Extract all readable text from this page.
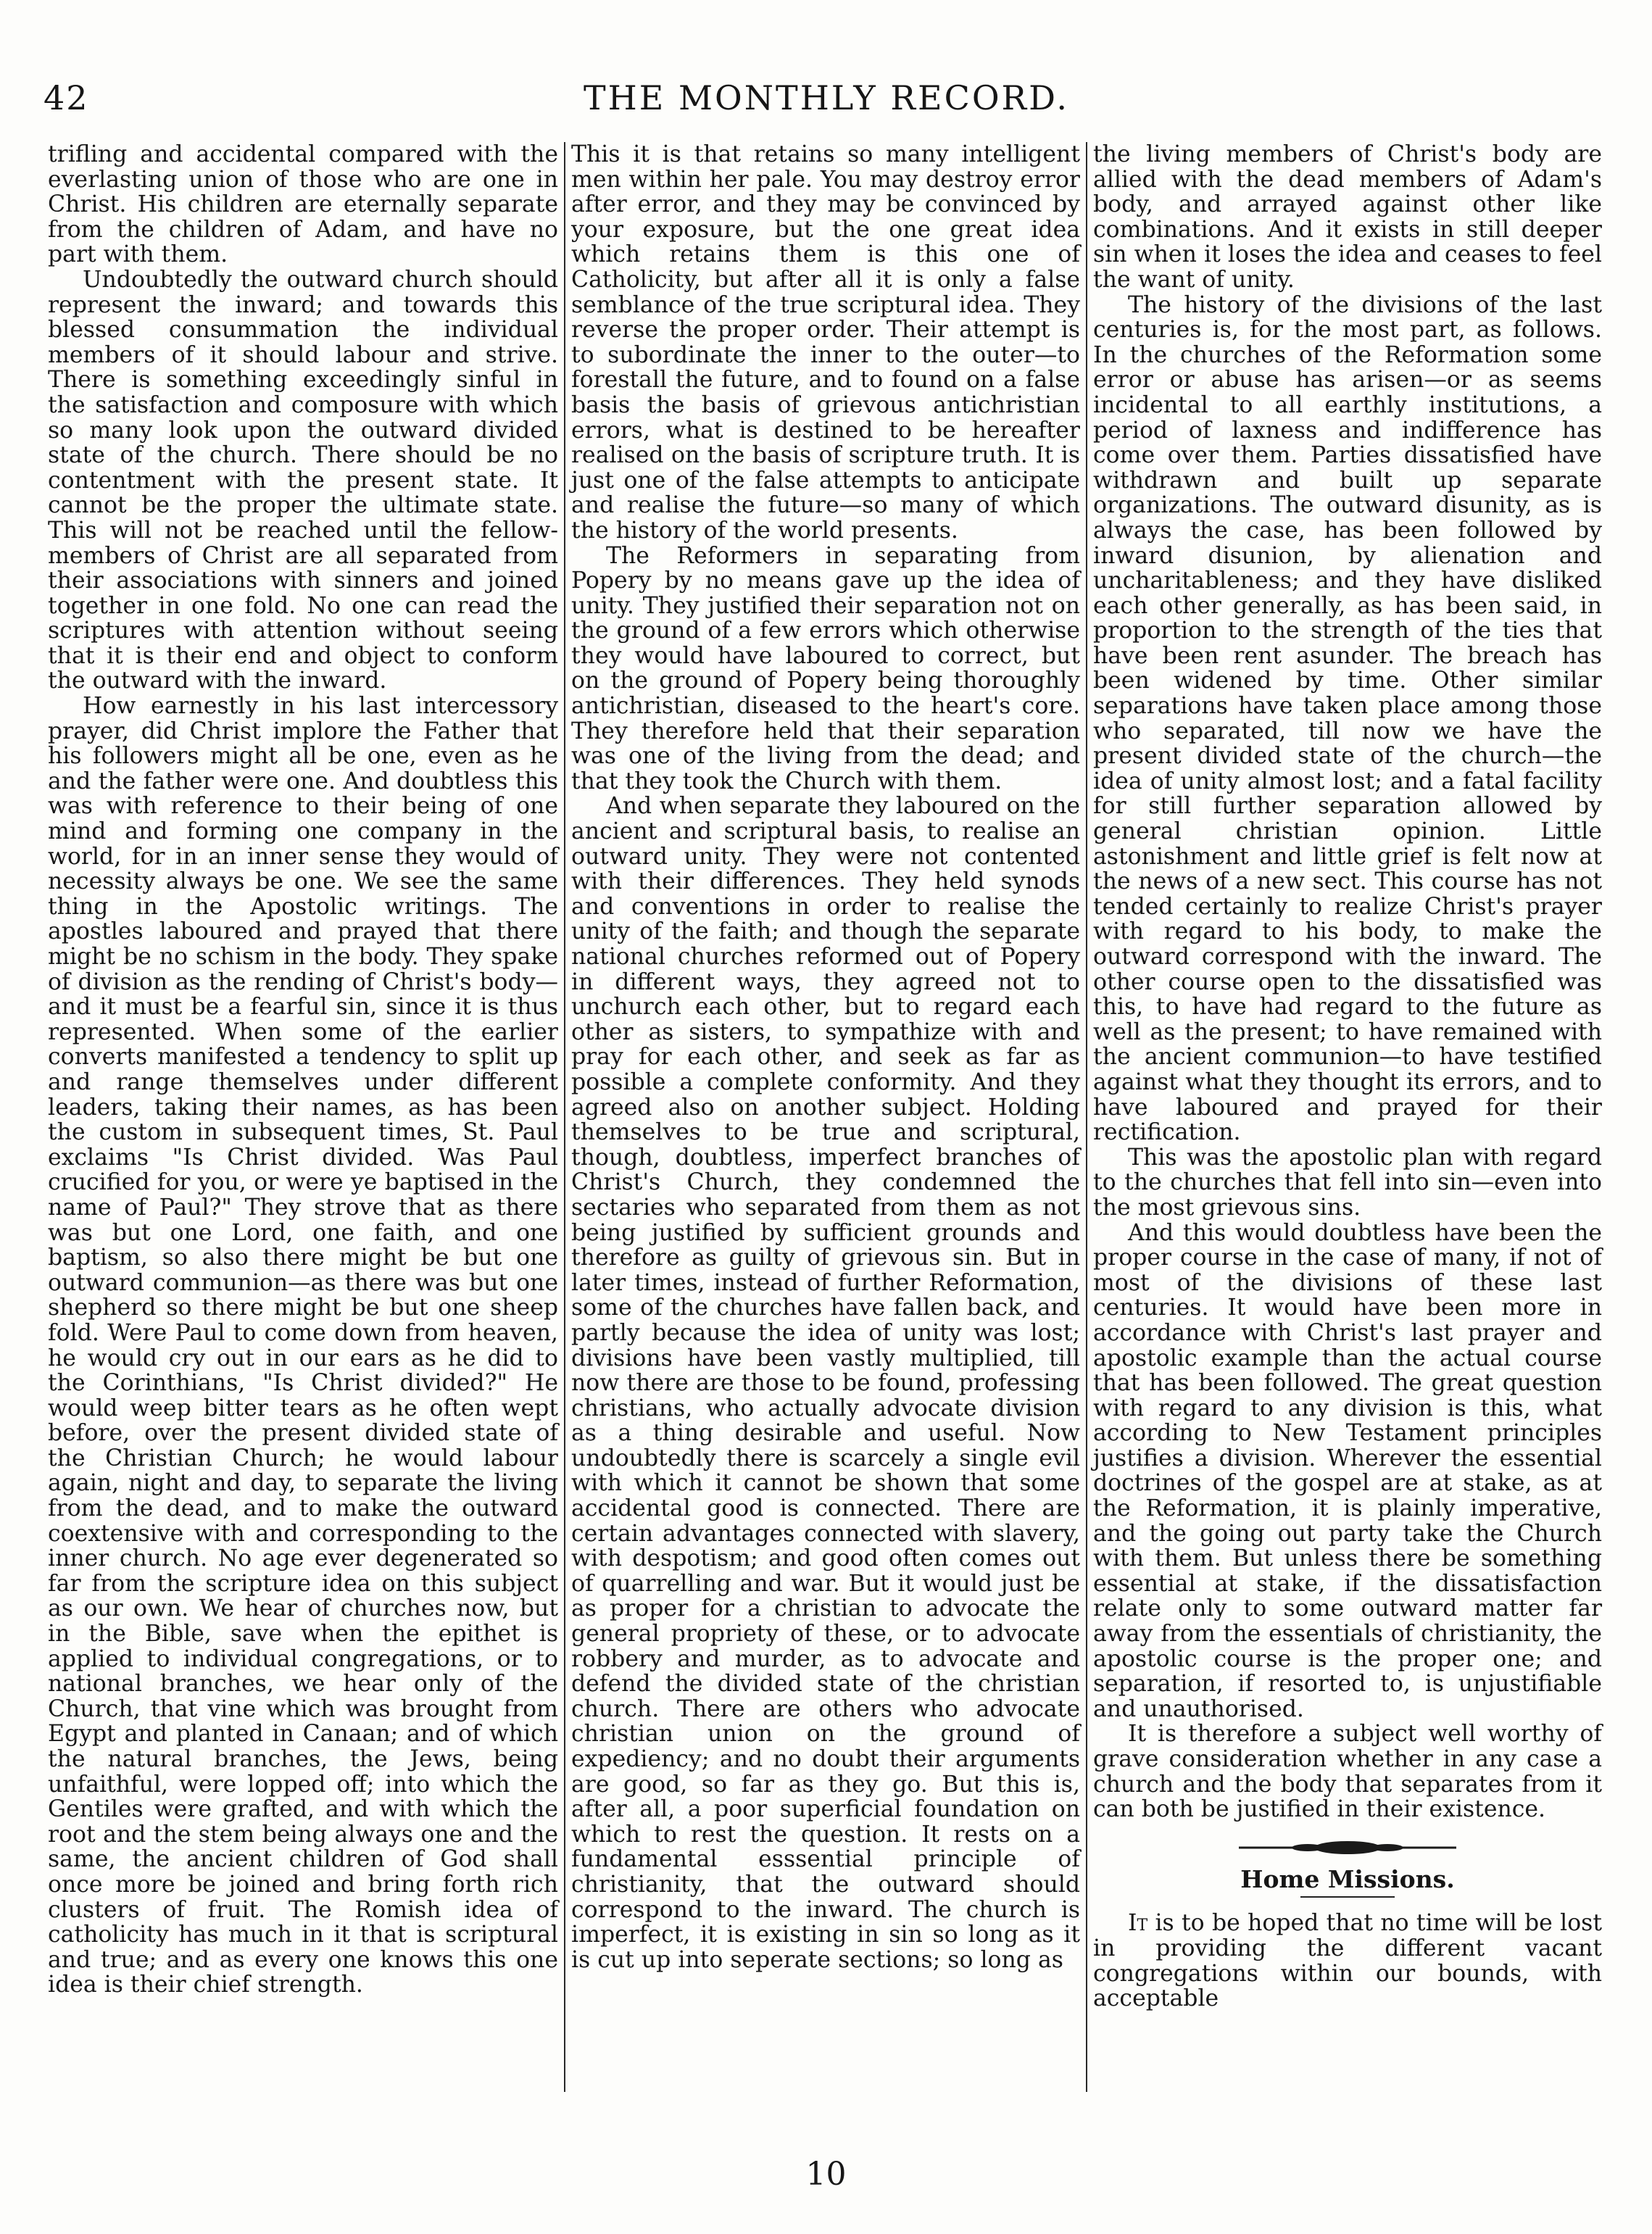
42	THE MONTHLY RECORD.

trifling and accidental compared with the everlasting union of those who are one in Christ. His children are eternally separate from the children of Adam, and have no part with them.

Undoubtedly the outward church should represent the inward; and towards this blessed consummation the individual members of it should labour and strive. There is something exceedingly sinful in the satisfaction and composure with which so many look upon the outward divided state of the church. There should be no contentment with the present state. It cannot be the proper the ultimate state. This will not be reached until the fellow-members of Christ are all separated from their associations with sinners and joined together in one fold. No one can read the scriptures with attention without seeing that it is their end and object to conform the outward with the inward.

How earnestly in his last intercessory prayer, did Christ implore the Father that his followers might all be one, even as he and the father were one. And doubtless this was with reference to their being of one mind and forming one company in the world, for in an inner sense they would of necessity always be one. We see the same thing in the Apostolic writings. The apostles laboured and prayed that there might be no schism in the body. They spake of division as the rending of Christ's body—and it must be a fearful sin, since it is thus represented. When some of the earlier converts manifested a tendency to split up and range themselves under different leaders, taking their names, as has been the custom in subsequent times, St. Paul exclaims "Is Christ divided. Was Paul crucified for you, or were ye baptised in the name of Paul?" They strove that as there was but one Lord, one faith, and one baptism, so also there might be but one outward communion—as there was but one shepherd so there might be but one sheep fold. Were Paul to come down from heaven, he would cry out in our ears as he did to the Corinthians, "Is Christ divided?" He would weep bitter tears as he often wept before, over the present divided state of the Christian Church; he would labour again, night and day, to separate the living from the dead, and to make the outward coextensive with and corresponding to the inner church. No age ever degenerated so far from the scripture idea on this subject as our own. We hear of churches now, but in the Bible, save when the epithet is applied to individual congregations, or to national branches, we hear only of the Church, that vine which was brought from Egypt and planted in Canaan; and of which the natural branches, the Jews, being unfaithful, were lopped off; into which the Gentiles were grafted, and with which the root and the stem being always one and the same, the ancient children of God shall once more be joined and bring forth rich clusters of fruit. The Romish idea of catholicity has much in it that is scriptural and true; and as every one knows this one idea is their chief strength.

This it is that retains so many intelligent men within her pale. You may destroy error after error, and they may be convinced by your exposure, but the one great idea which retains them is this one of Catholicity, but after all it is only a false semblance of the true scriptural idea. They reverse the proper order. Their attempt is to subordinate the inner to the outer—to forestall the future, and to found on a false basis the basis of grievous antichristian errors, what is destined to be hereafter realised on the basis of scripture truth. It is just one of the false attempts to anticipate and realise the future—so many of which the history of the world presents.

The Reformers in separating from Popery by no means gave up the idea of unity. They justified their separation not on the ground of a few errors which otherwise they would have laboured to correct, but on the ground of Popery being thoroughly antichristian, diseased to the heart's core. They therefore held that their separation was one of the living from the dead; and that they took the Church with them.

And when separate they laboured on the ancient and scriptural basis, to realise an outward unity. They were not contented with their differences. They held synods and conventions in order to realise the unity of the faith; and though the separate national churches reformed out of Popery in different ways, they agreed not to unchurch each other, but to regard each other as sisters, to sympathize with and pray for each other, and seek as far as possible a complete conformity. And they agreed also on another subject. Holding themselves to be true and scriptural, though, doubtless, imperfect branches of Christ's Church, they condemned the sectaries who separated from them as not being justified by sufficient grounds and therefore as guilty of grievous sin. But in later times, instead of further Reformation, some of the churches have fallen back, and partly because the idea of unity was lost; divisions have been vastly multiplied, till now there are those to be found, professing christians, who actually advocate division as a thing desirable and useful. Now undoubtedly there is scarcely a single evil with which it cannot be shown that some accidental good is connected. There are certain advantages connected with slavery, with despotism; and good often comes out of quarrelling and war. But it would just be as proper for a christian to advocate the general propriety of these, or to advocate robbery and murder, as to advocate and defend the divided state of the christian church. There are others who advocate christian union on the ground of expediency; and no doubt their arguments are good, so far as they go. But this is, after all, a poor superficial foundation on which to rest the question. It rests on a fundamental esssential principle of christianity, that the outward should correspond to the inward. The church is imperfect, it is existing in sin so long as it is cut up into seperate sections; so long as

the living members of Christ's body are allied with the dead members of Adam's body, and arrayed against other like combinations. And it exists in still deeper sin when it loses the idea and ceases to feel the want of unity.

The history of the divisions of the last centuries is, for the most part, as follows. In the churches of the Reformation some error or abuse has arisen—or as seems incidental to all earthly institutions, a period of laxness and indifference has come over them. Parties dissatisfied have withdrawn and built up separate organizations. The outward disunity, as is always the case, has been followed by inward disunion, by alienation and uncharitableness; and they have disliked each other generally, as has been said, in proportion to the strength of the ties that have been rent asunder. The breach has been widened by time. Other similar separations have taken place among those who separated, till now we have the present divided state of the church—the idea of unity almost lost; and a fatal facility for still further separation allowed by general christian opinion. Little astonishment and little grief is felt now at the news of a new sect. This course has not tended certainly to realize Christ's prayer with regard to his body, to make the outward correspond with the inward. The other course open to the dissatisfied was this, to have had regard to the future as well as the present; to have remained with the ancient communion—to have testified against what they thought its errors, and to have laboured and prayed for their rectification.

This was the apostolic plan with regard to the churches that fell into sin—even into the most grievous sins.

And this would doubtless have been the proper course in the case of many, if not of most of the divisions of these last centuries. It would have been more in accordance with Christ's last prayer and apostolic example than the actual course that has been followed. The great question with regard to any division is this, what according to New Testament principles justifies a division. Wherever the essential doctrines of the gospel are at stake, as at the Reformation, it is plainly imperative, and the going out party take the Church with them. But unless there be something essential at stake, if the dissatisfaction relate only to some outward matter far away from the essentials of christianity, the apostolic course is the proper one; and separation, if resorted to, is unjustifiable and unauthorised.

It is therefore a subject well worthy of grave consideration whether in any case a church and the body that separates from it can both be justified in their existence.

Home Missions.

It is to be hoped that no time will be lost in providing the different vacant congregations within our bounds, with acceptable

10
